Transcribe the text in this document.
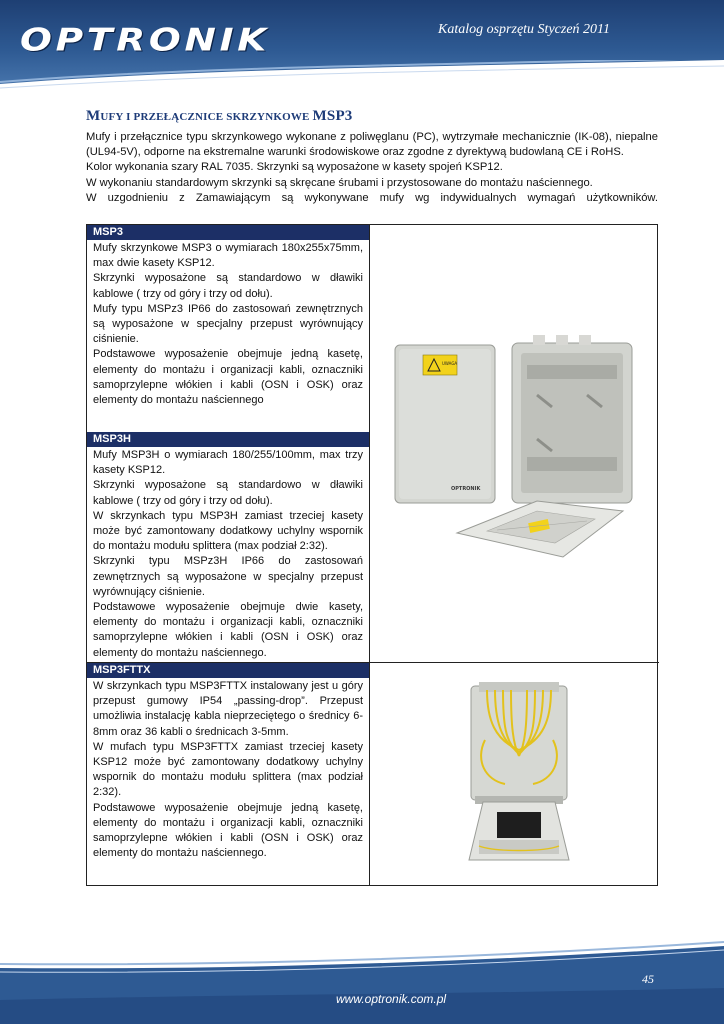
OPTRONIK	Katalog osprzętu Styczeń 2011
MUFY I PRZEŁĄCZNICE SKRZYNKOWE MSP3

Mufy i przełącznice typu skrzynkowego wykonane z poliwęglanu (PC), wytrzymałe mechanicznie (IK-08), niepalne (UL94-5V), odporne na ekstremalne warunki środowiskowe oraz zgodne z dyrektywą budowlaną CE i RoHS.

Kolor wykonania szary RAL 7035. Skrzynki są wyposażone w kasety spojeń KSP12.

W wykonaniu standardowym skrzynki są skręcane śrubami i przystosowane do montażu naściennego.

W uzgodnieniu z Zamawiającym są wykonywane mufy wg indywidualnych wymagań użytkowników.

MSP3

Mufy skrzynkowe MSP3 o wymiarach 180x255x75mm, max dwie kasety KSP12.

Skrzynki wyposażone są standardowo w dławiki kablowe ( trzy od góry i trzy od dołu).

Mufy typu MSPz3 IP66 do zastosowań zewnętrznych są wyposażone w specjalny przepust wyrównujący ciśnienie.

Podstawowe wyposażenie obejmuje jedną kasetę, elementy do montażu i organizacji kabli, oznaczniki samoprzylepne włókien i kabli (OSN i OSK) oraz elementy do montażu naściennego

MSP3H

Mufy MSP3H o wymiarach 180/255/100mm, max trzy kasety KSP12.

Skrzynki wyposażone są standardowo w dławiki kablowe ( trzy od góry i trzy od dołu).

W skrzynkach typu MSP3H zamiast trzeciej kasety może być zamontowany dodatkowy uchylny wspornik do montażu modułu splittera (max podział 2:32).

Skrzynki typu MSPz3H IP66 do zastosowań zewnętrznych są wyposażone w specjalny przepust wyrównujący ciśnienie.

Podstawowe wyposażenie obejmuje dwie kasety, elementy do montażu i organizacji kabli, oznaczniki samoprzylepne włókien i kabli (OSN i OSK) oraz elementy do montażu naściennego.

MSP3FTTX

W skrzynkach typu MSP3FTTX instalowany jest u góry przepust gumowy IP54 „passing-drop”. Przepust umożliwia instalację kabla nieprzeciętego o średnicy 6-8mm oraz 36 kabli o średnicach 3-5mm.

W mufach typu MSP3FTTX zamiast trzeciej kasety KSP12 może być zamontowany dodatkowy uchylny wspornik do montażu modułu splittera (max podział 2:32).

Podstawowe wyposażenie obejmuje jedną kasetę, elementy do montażu i organizacji kabli, oznaczniki samoprzylepne włókien i kabli (OSN i OSK) oraz elementy do montażu naściennego.

UWAGA
OPTRONIK
45
www.optronik.com.pl
